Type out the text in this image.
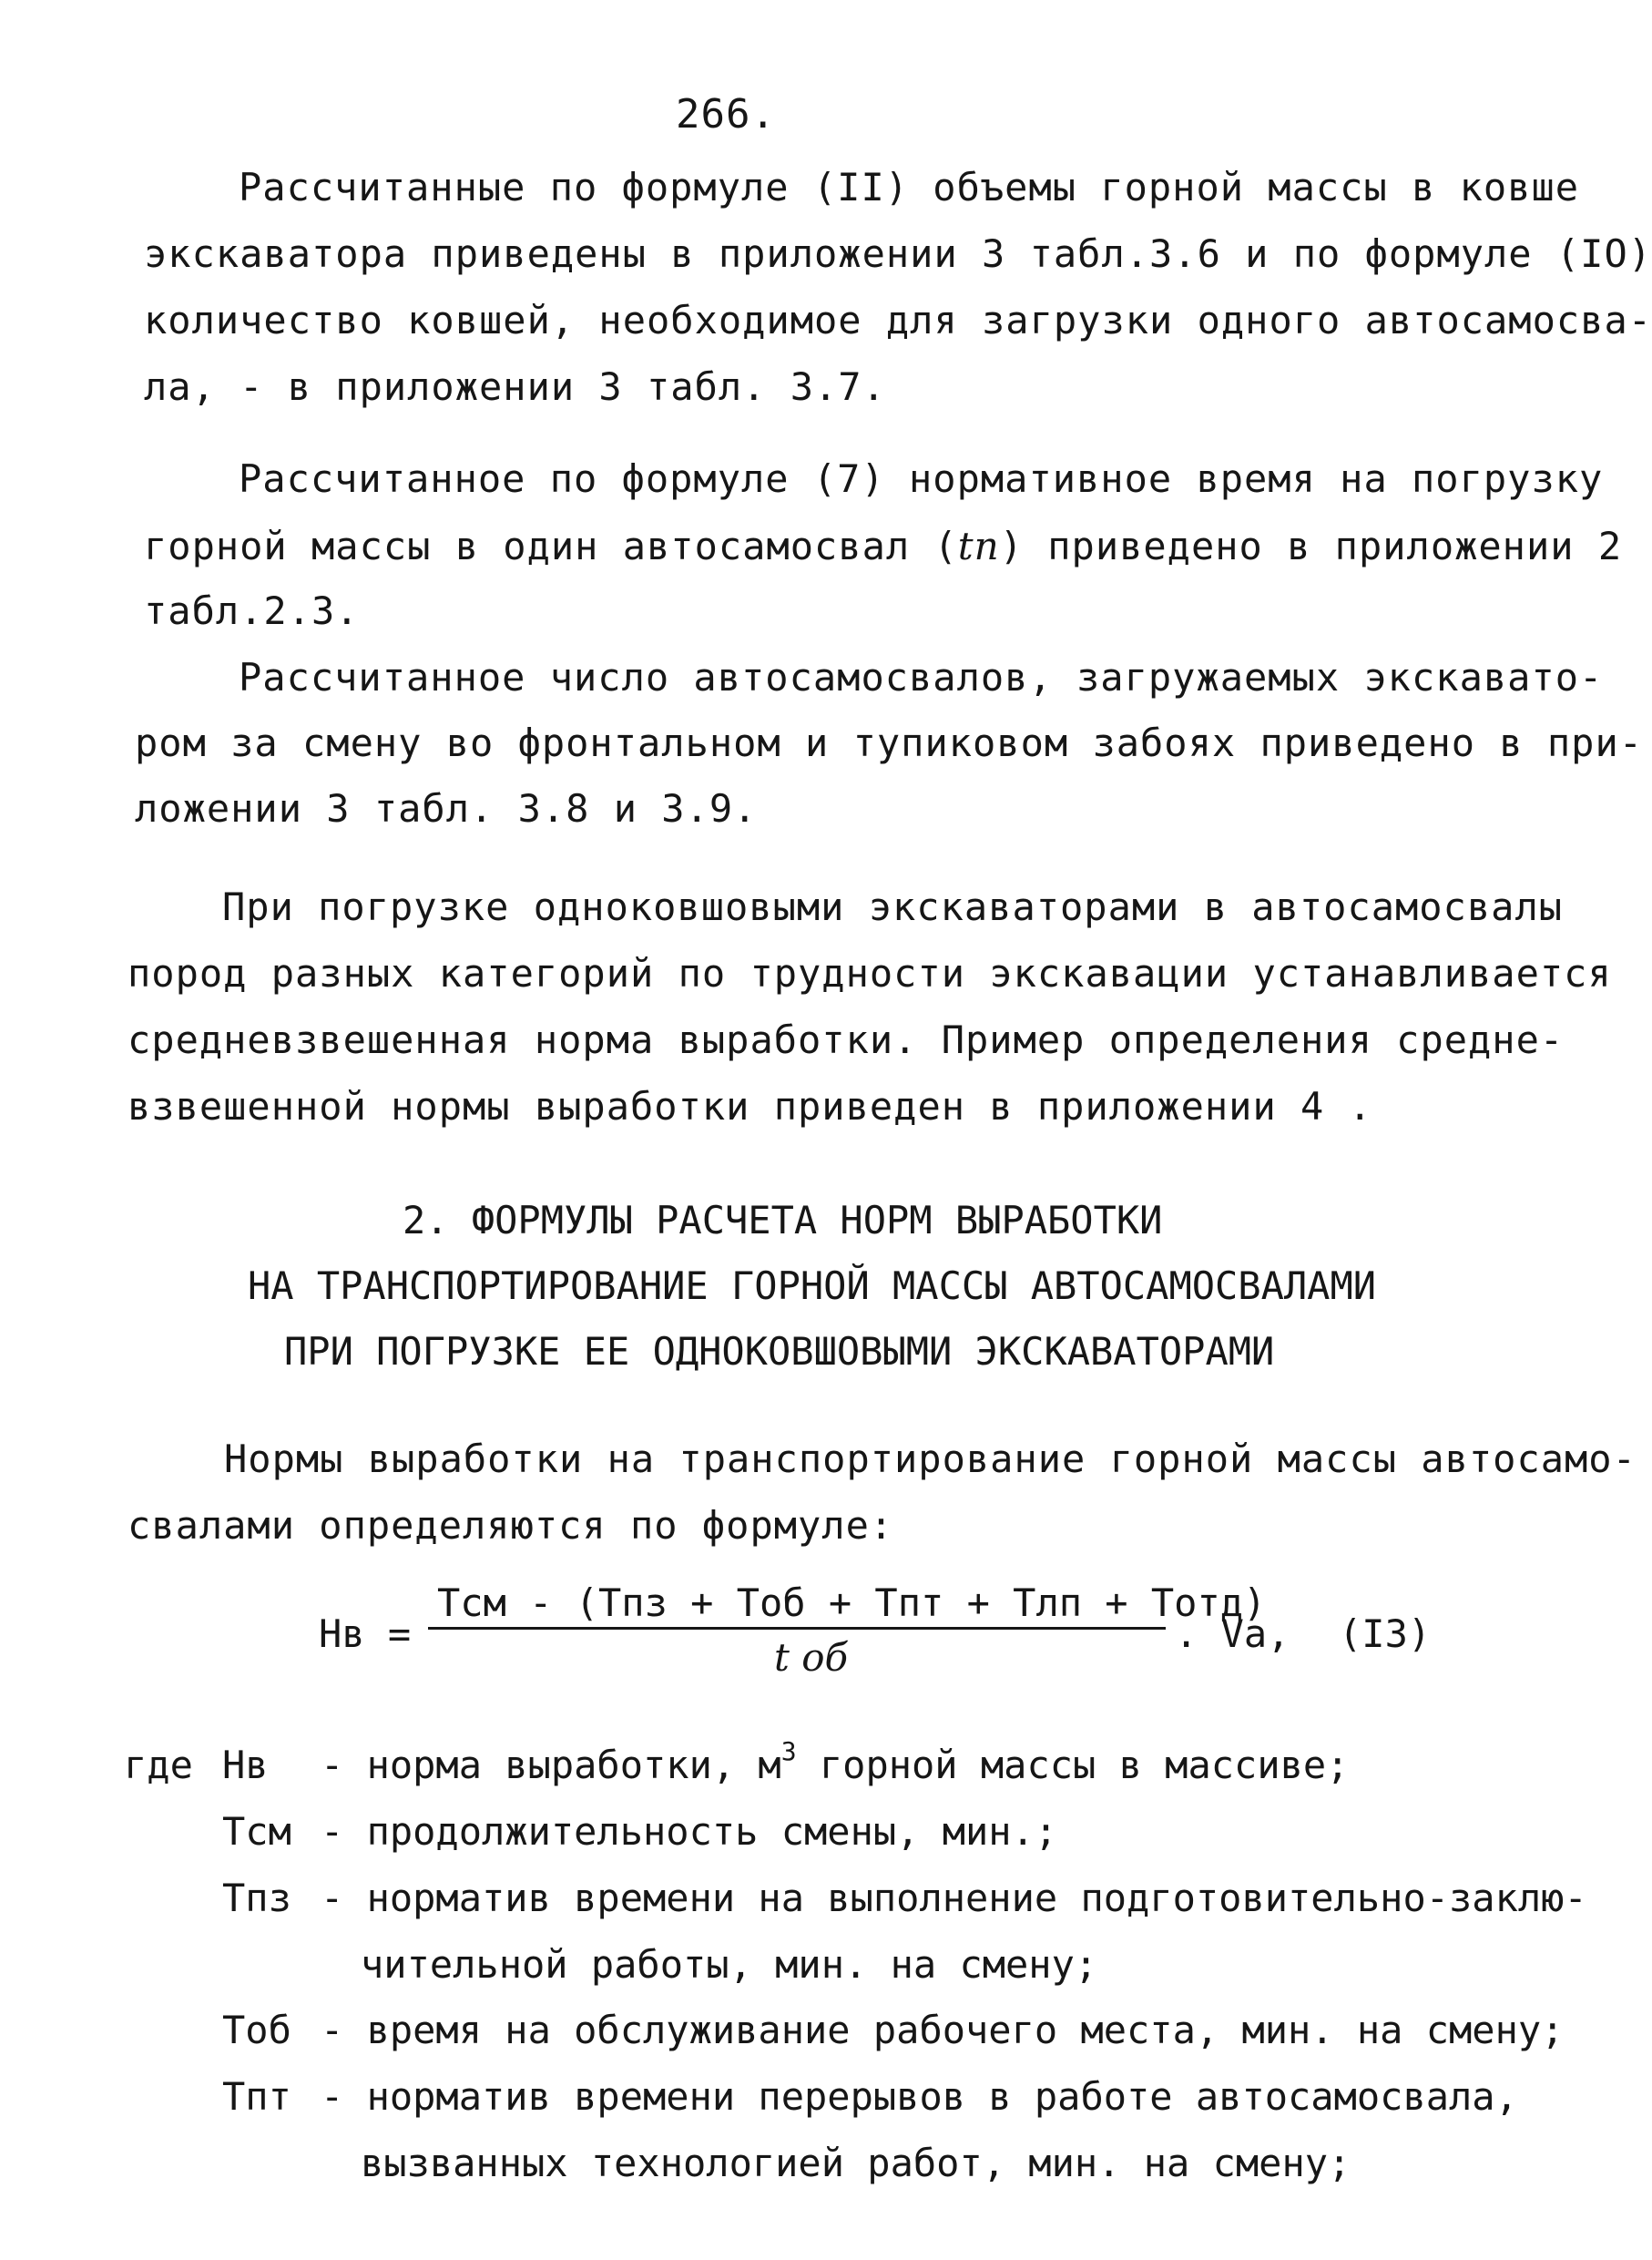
266.
Рассчитанные по формуле (II) объемы горной массы в ковше
экскаватора приведены в приложении 3 табл.3.6 и по формуле (IO)
количество ковшей, необходимое для загрузки одного автосамосва-
ла, - в приложении 3 табл. 3.7.
Рассчитанное по формуле (7) нормативное время на погрузку
горной массы в один автосамосвал (tп) приведено в приложении 2
табл.2.3.
Рассчитанное число автосамосвалов, загружаемых экскавато-
ром за смену во фронтальном и тупиковом забоях приведено в при-
ложении 3 табл. 3.8 и 3.9.
При погрузке одноковшовыми экскаваторами в автосамосвалы
пород разных категорий по трудности экскавации устанавливается
средневзвешенная норма выработки. Пример определения средне-
взвешенной нормы выработки приведен в приложении 4 .
2. ФОРМУЛЫ РАСЧЕТА НОРМ ВЫРАБОТКИ
НА ТРАНСПОРТИРОВАНИЕ ГОРНОЙ МАССЫ АВТОСАМОСВАЛАМИ
ПРИ ПОГРУЗКЕ ЕЕ ОДНОКОВШОВЫМИ ЭКСКАВАТОРАМИ
Нормы выработки на транспортирование горной массы автосамо-
свалами определяются по формуле:
Нв =
Тсм - (Тпз + Тоб + Тпт + Тлп + Тотд)
t об
. Va, (I3)
где Нв - норма выработки, $м^3$ горной массы в массиве;
Тсм - продолжительность смены, мин.;
Тпз - норматив времени на выполнение подготовительно-заклю-
чительной работы, мин. на смену;
Тоб - время на обслуживание рабочего места, мин. на смену;
Тпт - норматив времени перерывов в работе автосамосвала,
вызванных технологией работ, мин. на смену;
